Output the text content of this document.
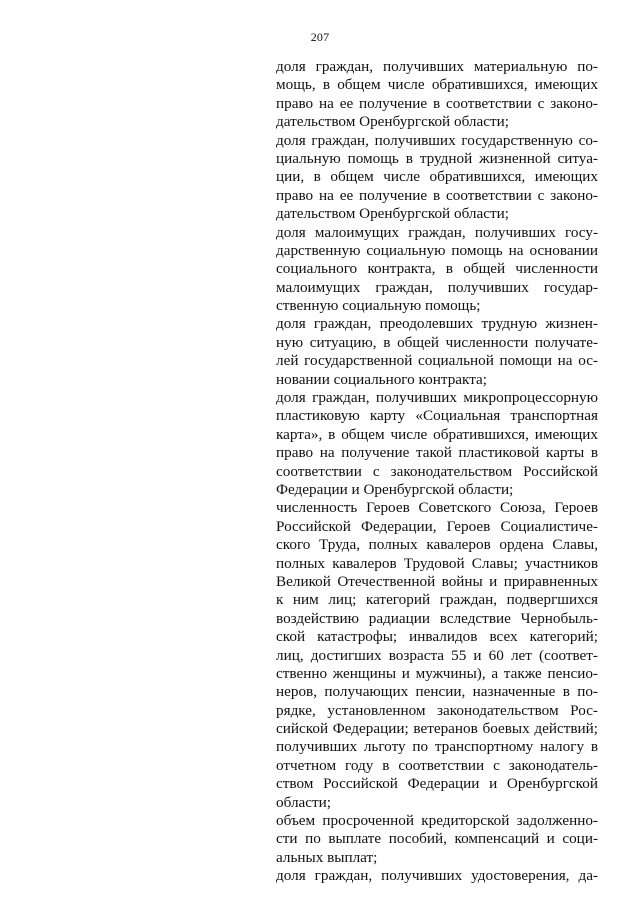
207
доля граждан, получивших материальную по-
мощь, в общем числе обратившихся, имеющих
право на ее получение в соответствии с законо-
дательством Оренбургской области;
доля граждан, получивших государственную со-
циальную помощь в трудной жизненной ситуа-
ции, в общем числе обратившихся, имеющих
право на ее получение в соответствии с законо-
дательством Оренбургской области;
доля малоимущих граждан, получивших госу-
дарственную социальную помощь на основании
социального контракта, в общей численности
малоимущих граждан, получивших государ-
ственную социальную помощь;
доля граждан, преодолевших трудную жизнен-
ную ситуацию, в общей численности получате-
лей государственной социальной помощи на ос-
новании социального контракта;
доля граждан, получивших микропроцессорную
пластиковую карту «Социальная транспортная
карта», в общем числе обратившихся, имеющих
право на получение такой пластиковой карты в
соответствии с законодательством Российской
Федерации и Оренбургской области;
численность Героев Советского Союза, Героев
Российской Федерации, Героев Социалистиче-
ского Труда, полных кавалеров ордена Славы,
полных кавалеров Трудовой Славы; участников
Великой Отечественной войны и приравненных
к ним лиц; категорий граждан, подвергшихся
воздействию радиации вследствие Чернобыль-
ской катастрофы; инвалидов всех категорий;
лиц, достигших возраста 55 и 60 лет (соответ-
ственно женщины и мужчины), а также пенсио-
неров, получающих пенсии, назначенные в по-
рядке, установленном законодательством Рос-
сийской Федерации; ветеранов боевых действий;
получивших льготу по транспортному налогу в
отчетном году в соответствии с законодатель-
ством Российской Федерации и Оренбургской
области;
объем просроченной кредиторской задолженно-
сти по выплате пособий, компенсаций и соци-
альных выплат;
доля граждан, получивших удостоверения, да-
